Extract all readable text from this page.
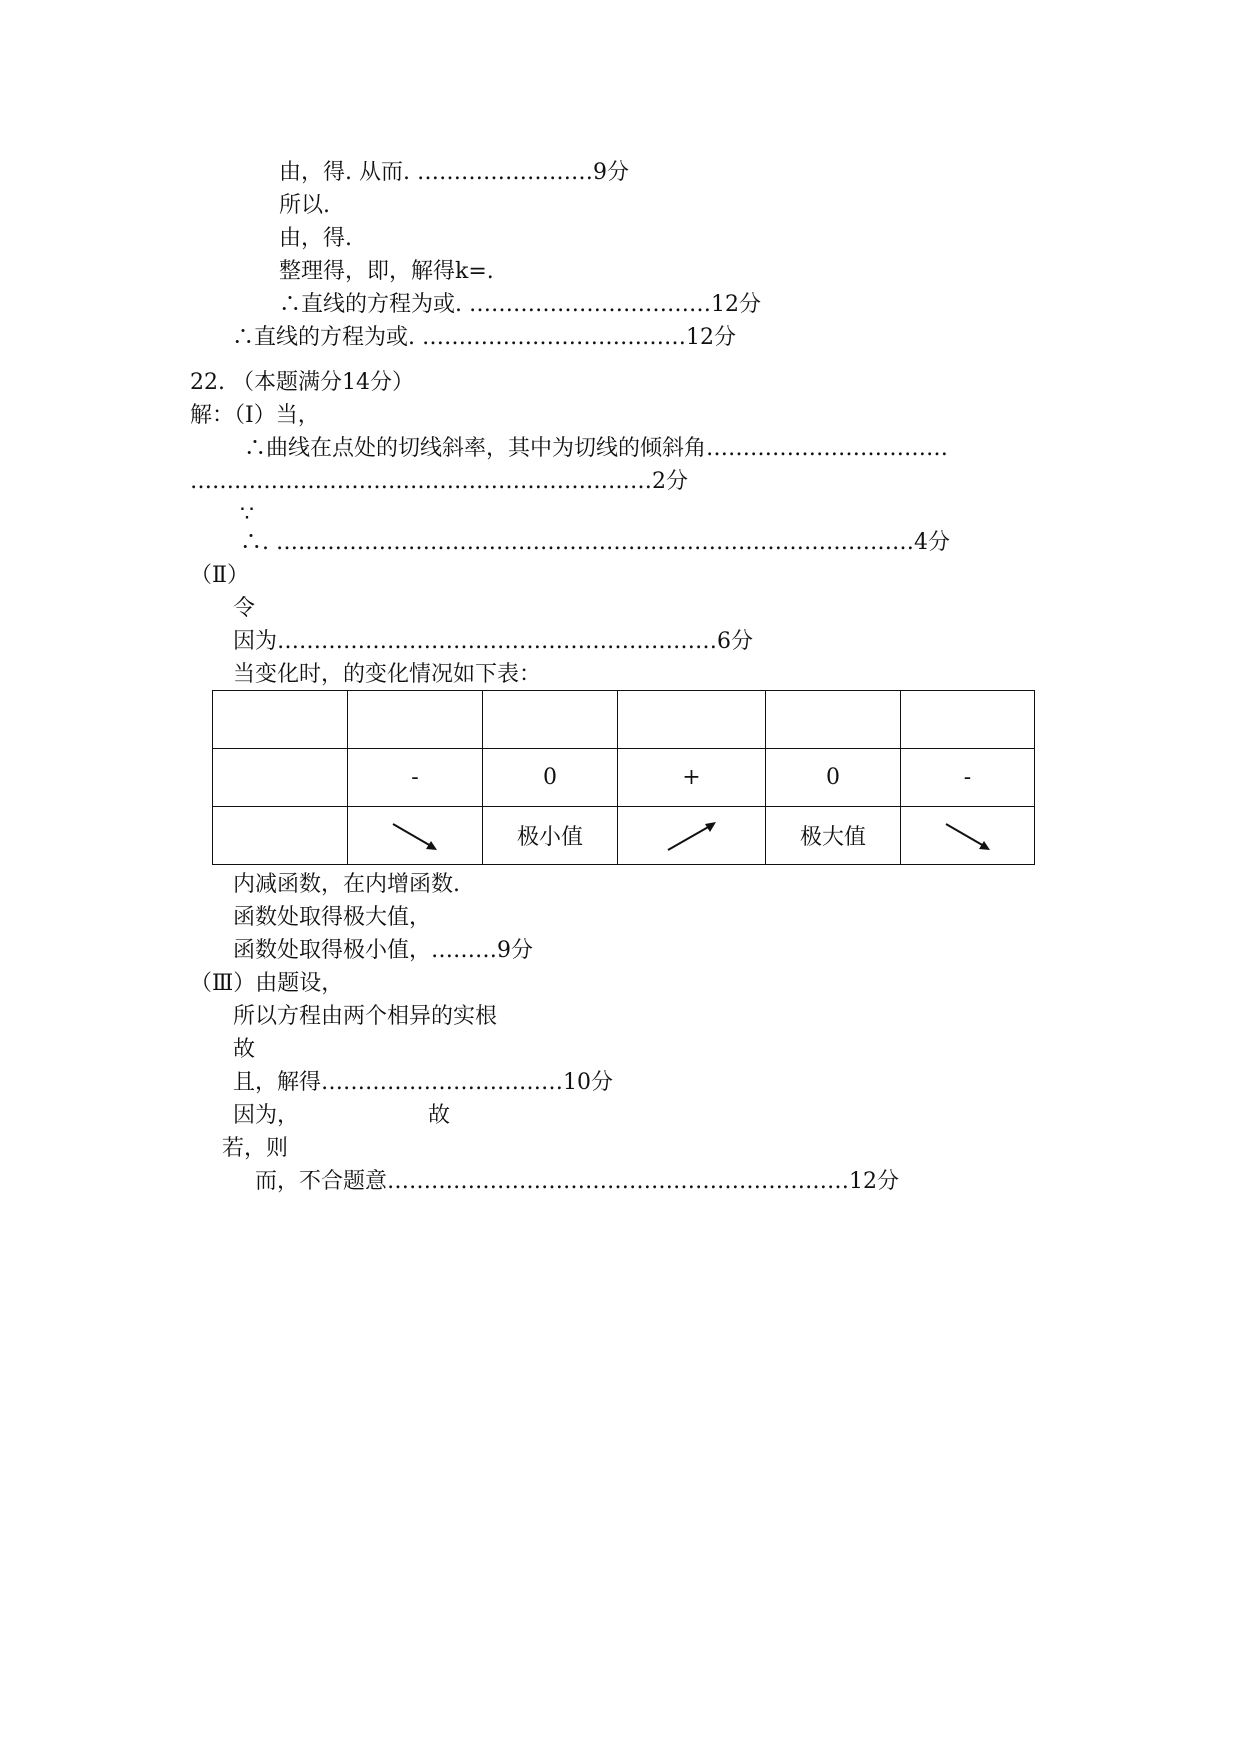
由，得. 从而. ……………………9分
所以.
由，得.
整理得，即，解得k=.
∴直线的方程为或. ……………………………12分
∴直线的方程为或. ………………………………12分
22. （本题满分14分）
解：（Ⅰ）当，
∴曲线在点处的切线斜率，其中为切线的倾斜角……………………………
………………………………………………………2分
∵
∴. ……………………………………………………………………………4分
（Ⅱ）
令
因为……………………………………………………6分
当变化时，的变化情况如下表：

	-	0	+	0	-
		极小值		极大值	
内减函数，在内增函数.
函数处取得极大值，
函数处取得极小值，………9分
（Ⅲ）由题设，
所以方程由两个相异的实根
故
且，解得……………………………10分
因为，	故
若，则
而，不合题意………………………………………………………12分
